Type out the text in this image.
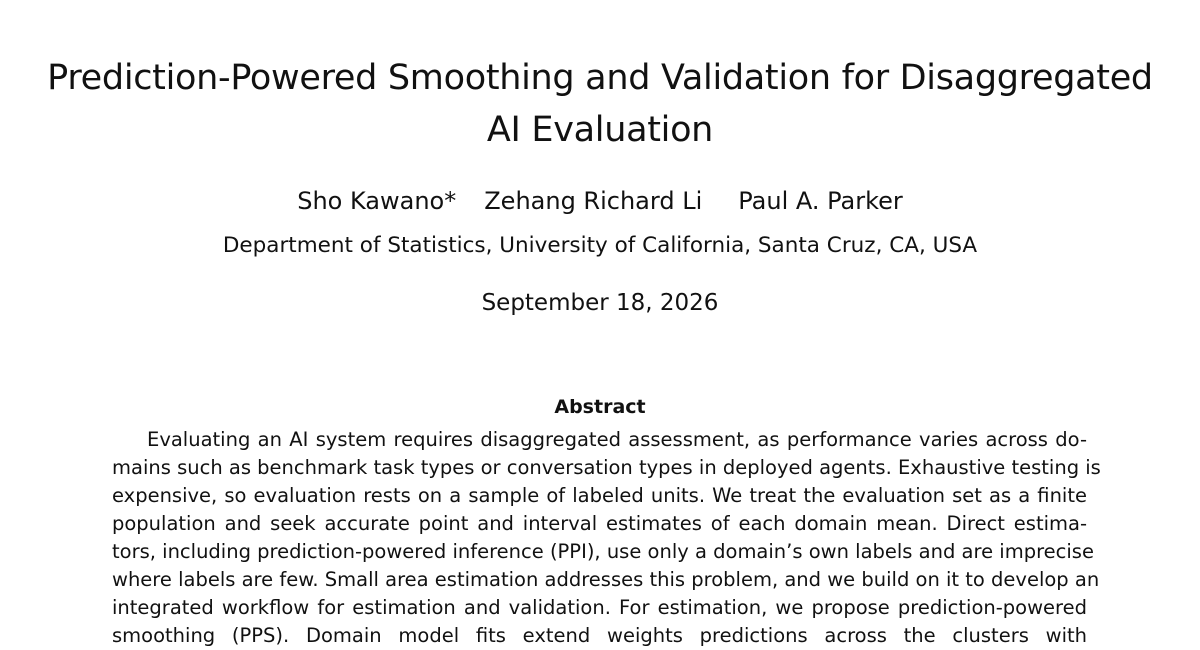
Prediction-Powered Smoothing and Validation for Disaggregated AI Evaluation
Sho Kawano* Zehang Richard Li Paul A. Parker
Department of Statistics, University of California, Santa Cruz, CA, USA
September 18, 2026
Abstract
Evaluating an AI system requires disaggregated assessment, as performance varies across do-
mains such as benchmark task types or conversation types in deployed agents. Exhaustive testing is
expensive, so evaluation rests on a sample of labeled units. We treat the evaluation set as a finite
population and seek accurate point and interval estimates of each domain mean. Direct estima-
tors, including prediction-powered inference (PPI), use only a domain’s own labels and are imprecise
where labels are few. Small area estimation addresses this problem, and we build on it to develop an
integrated workflow for estimation and validation. For estimation, we propose prediction-powered
smoothing (PPS). Domain model fits extend weights predictions across the clusters with
